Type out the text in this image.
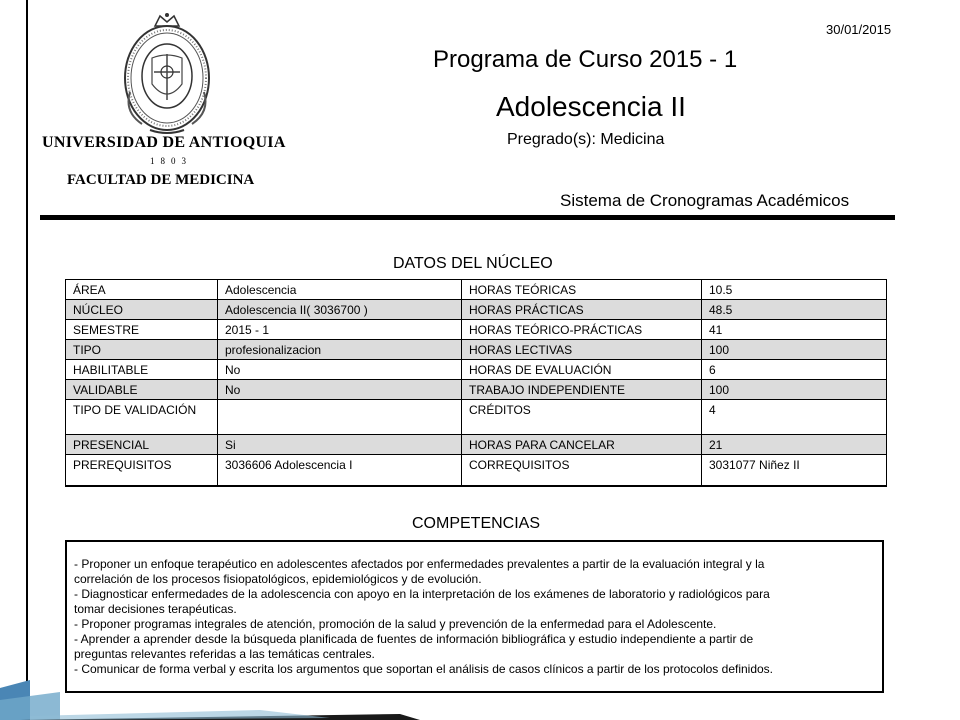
UNIVERSIDAD DE ANTIOQUIA
1803
FACULTAD DE MEDICINA
30/01/2015
Programa de Curso 2015 - 1
Adolescencia II
Pregrado(s): Medicina
Sistema de Cronogramas Académicos
DATOS DEL NÚCLEO
ÁREA	Adolescencia	HORAS TEÓRICAS	10.5
NÚCLEO	Adolescencia II( 3036700 )	HORAS PRÁCTICAS	48.5
SEMESTRE	2015 - 1	HORAS TEÓRICO-PRÁCTICAS	41
TIPO	profesionalizacion	HORAS LECTIVAS	100
HABILITABLE	No	HORAS DE EVALUACIÓN	6
VALIDABLE	No	TRABAJO INDEPENDIENTE	100
TIPO DE VALIDACIÓN		CRÉDITOS	4
PRESENCIAL	Si	HORAS PARA CANCELAR	21
PREREQUISITOS	3036606 Adolescencia I	CORREQUISITOS	3031077 Niñez II
COMPETENCIAS
- Proponer un enfoque terapéutico en adolescentes afectados por enfermedades prevalentes a partir de la evaluación integral y la
correlación de los procesos fisiopatológicos, epidemiológicos y de evolución.
- Diagnosticar enfermedades de la adolescencia con apoyo en la interpretación de los exámenes de laboratorio y radiológicos para
tomar decisiones terapéuticas.
- Proponer programas integrales de atención, promoción de la salud y prevención de la enfermedad para el Adolescente.
- Aprender a aprender desde la búsqueda planificada de fuentes de información bibliográfica y estudio independiente a partir de
preguntas relevantes referidas a las temáticas centrales.
- Comunicar de forma verbal y escrita los argumentos que soportan el análisis de casos clínicos a partir de los protocolos definidos.
